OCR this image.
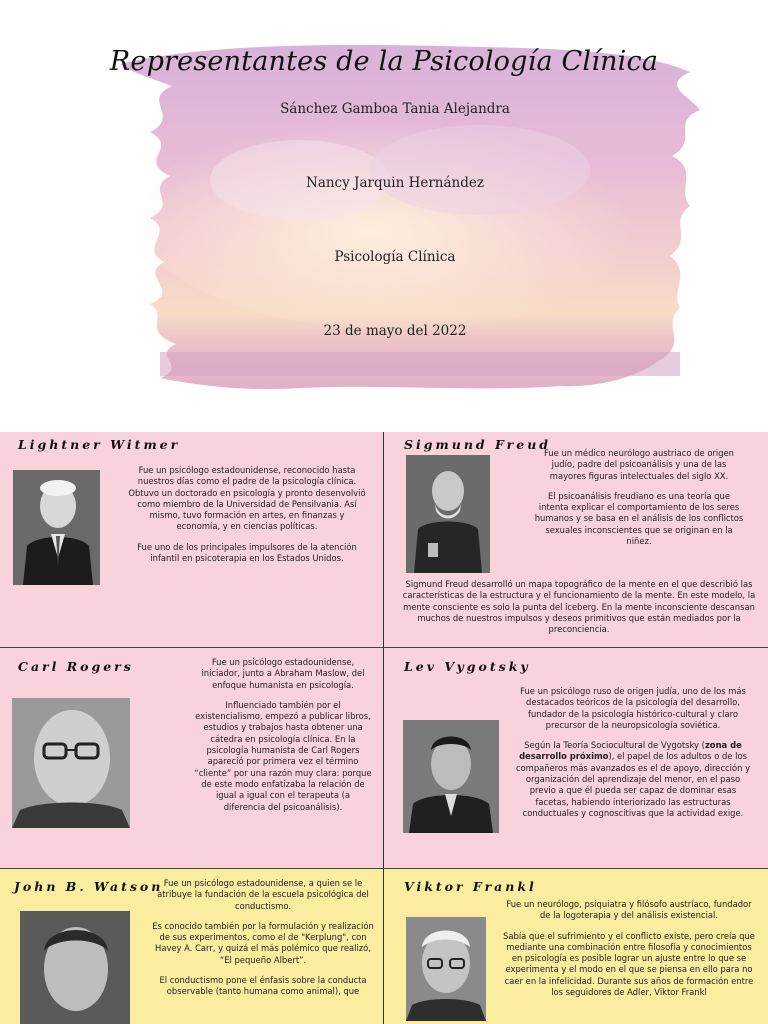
Representantes de la Psicología Clínica
Sánchez Gamboa Tania Alejandra
Nancy Jarquin Hernández
Psicología Clínica
23 de mayo del 2022
Lightner Witmer

Fue un psicólogo estadounidense, reconocido hasta nuestros días como el padre de la psicología clínica. Obtuvo un doctorado en psicología y pronto desenvolvió como miembro de la Universidad de Pensilvania. Así mismo, tuvo formación en artes, en finanzas y economía, y en ciencias políticas.

Fue uno de los principales impulsores de la atención infantil en psicoterapia en los Estados Unidos.

Sigmund Freud

Fue un médico neurólogo austriaco de origen judío, padre del psicoanálisis y una de las mayores figuras intelectuales del siglo XX.

El psicoanálisis freudiano es una teoría que intenta explicar el comportamiento de los seres humanos y se basa en el análisis de los conflictos sexuales inconscientes que se originan en la niñez.

Sigmund Freud desarrolló un mapa topográfico de la mente en el que describió las características de la estructura y el funcionamiento de la mente. En este modelo, la mente consciente es solo la punta del iceberg. En la mente inconsciente descansan muchos de nuestros impulsos y deseos primitivos que están mediados por la preconciencia.

Carl Rogers	Fue un psicólogo estadounidense, iniciador, junto a Abraham Maslow, del enfoque humanista en psicología.

Influenciado también por el existencialismo, empezó a publicar libros, estudios y trabajos hasta obtener una cátedra en psicología clínica. En la psicología humanista de Carl Rogers apareció por primera vez el término “cliente” por una razón muy clara: porque de este modo enfatizaba la relación de igual a igual con el terapeuta (a diferencia del psicoanálisis).

Lev Vygotsky

Fue un psicólogo ruso de origen judía, uno de los más destacados teóricos de la psicología del desarrollo, fundador de la psicología histórico-cultural y claro precursor de la neuropsicología soviética.

Según la Teoría Sociocultural de Vygotsky (zona de desarrollo próximo), el papel de los adultos o de los compañeros más avanzados es el de apoyo, dirección y organización del aprendizaje del menor, en el paso previo a que él pueda ser capaz de dominar esas facetas, habiendo interiorizado las estructuras conductuales y cognoscitivas que la actividad exige.

John B. Watson Fue un psicólogo estadounidense, a quien se le atribuye la fundación de la escuela psicológica del conductismo.

Es conocido también por la formulación y realización de sus experimentos, como el de "Kerplung", con Havey A. Carr, y quizá el más polémico que realizó, “El pequeño Albert”.

El conductismo pone el énfasis sobre la conducta observable (tanto humana como animal), que

Viktor Frankl

Fue un neurólogo, psiquiatra y filósofo austríaco, fundador de la logoterapia y del análisis existencial.

Sabía que el sufrimiento y el conflicto existe, pero creía que mediante una combinación entre filosofía y conocimientos en psicología es posible lograr un ajuste entre lo que se experimenta y el modo en el que se piensa en ello para no caer en la infelicidad. Durante sus años de formación entre los seguidores de Adler, Viktor Frankl
